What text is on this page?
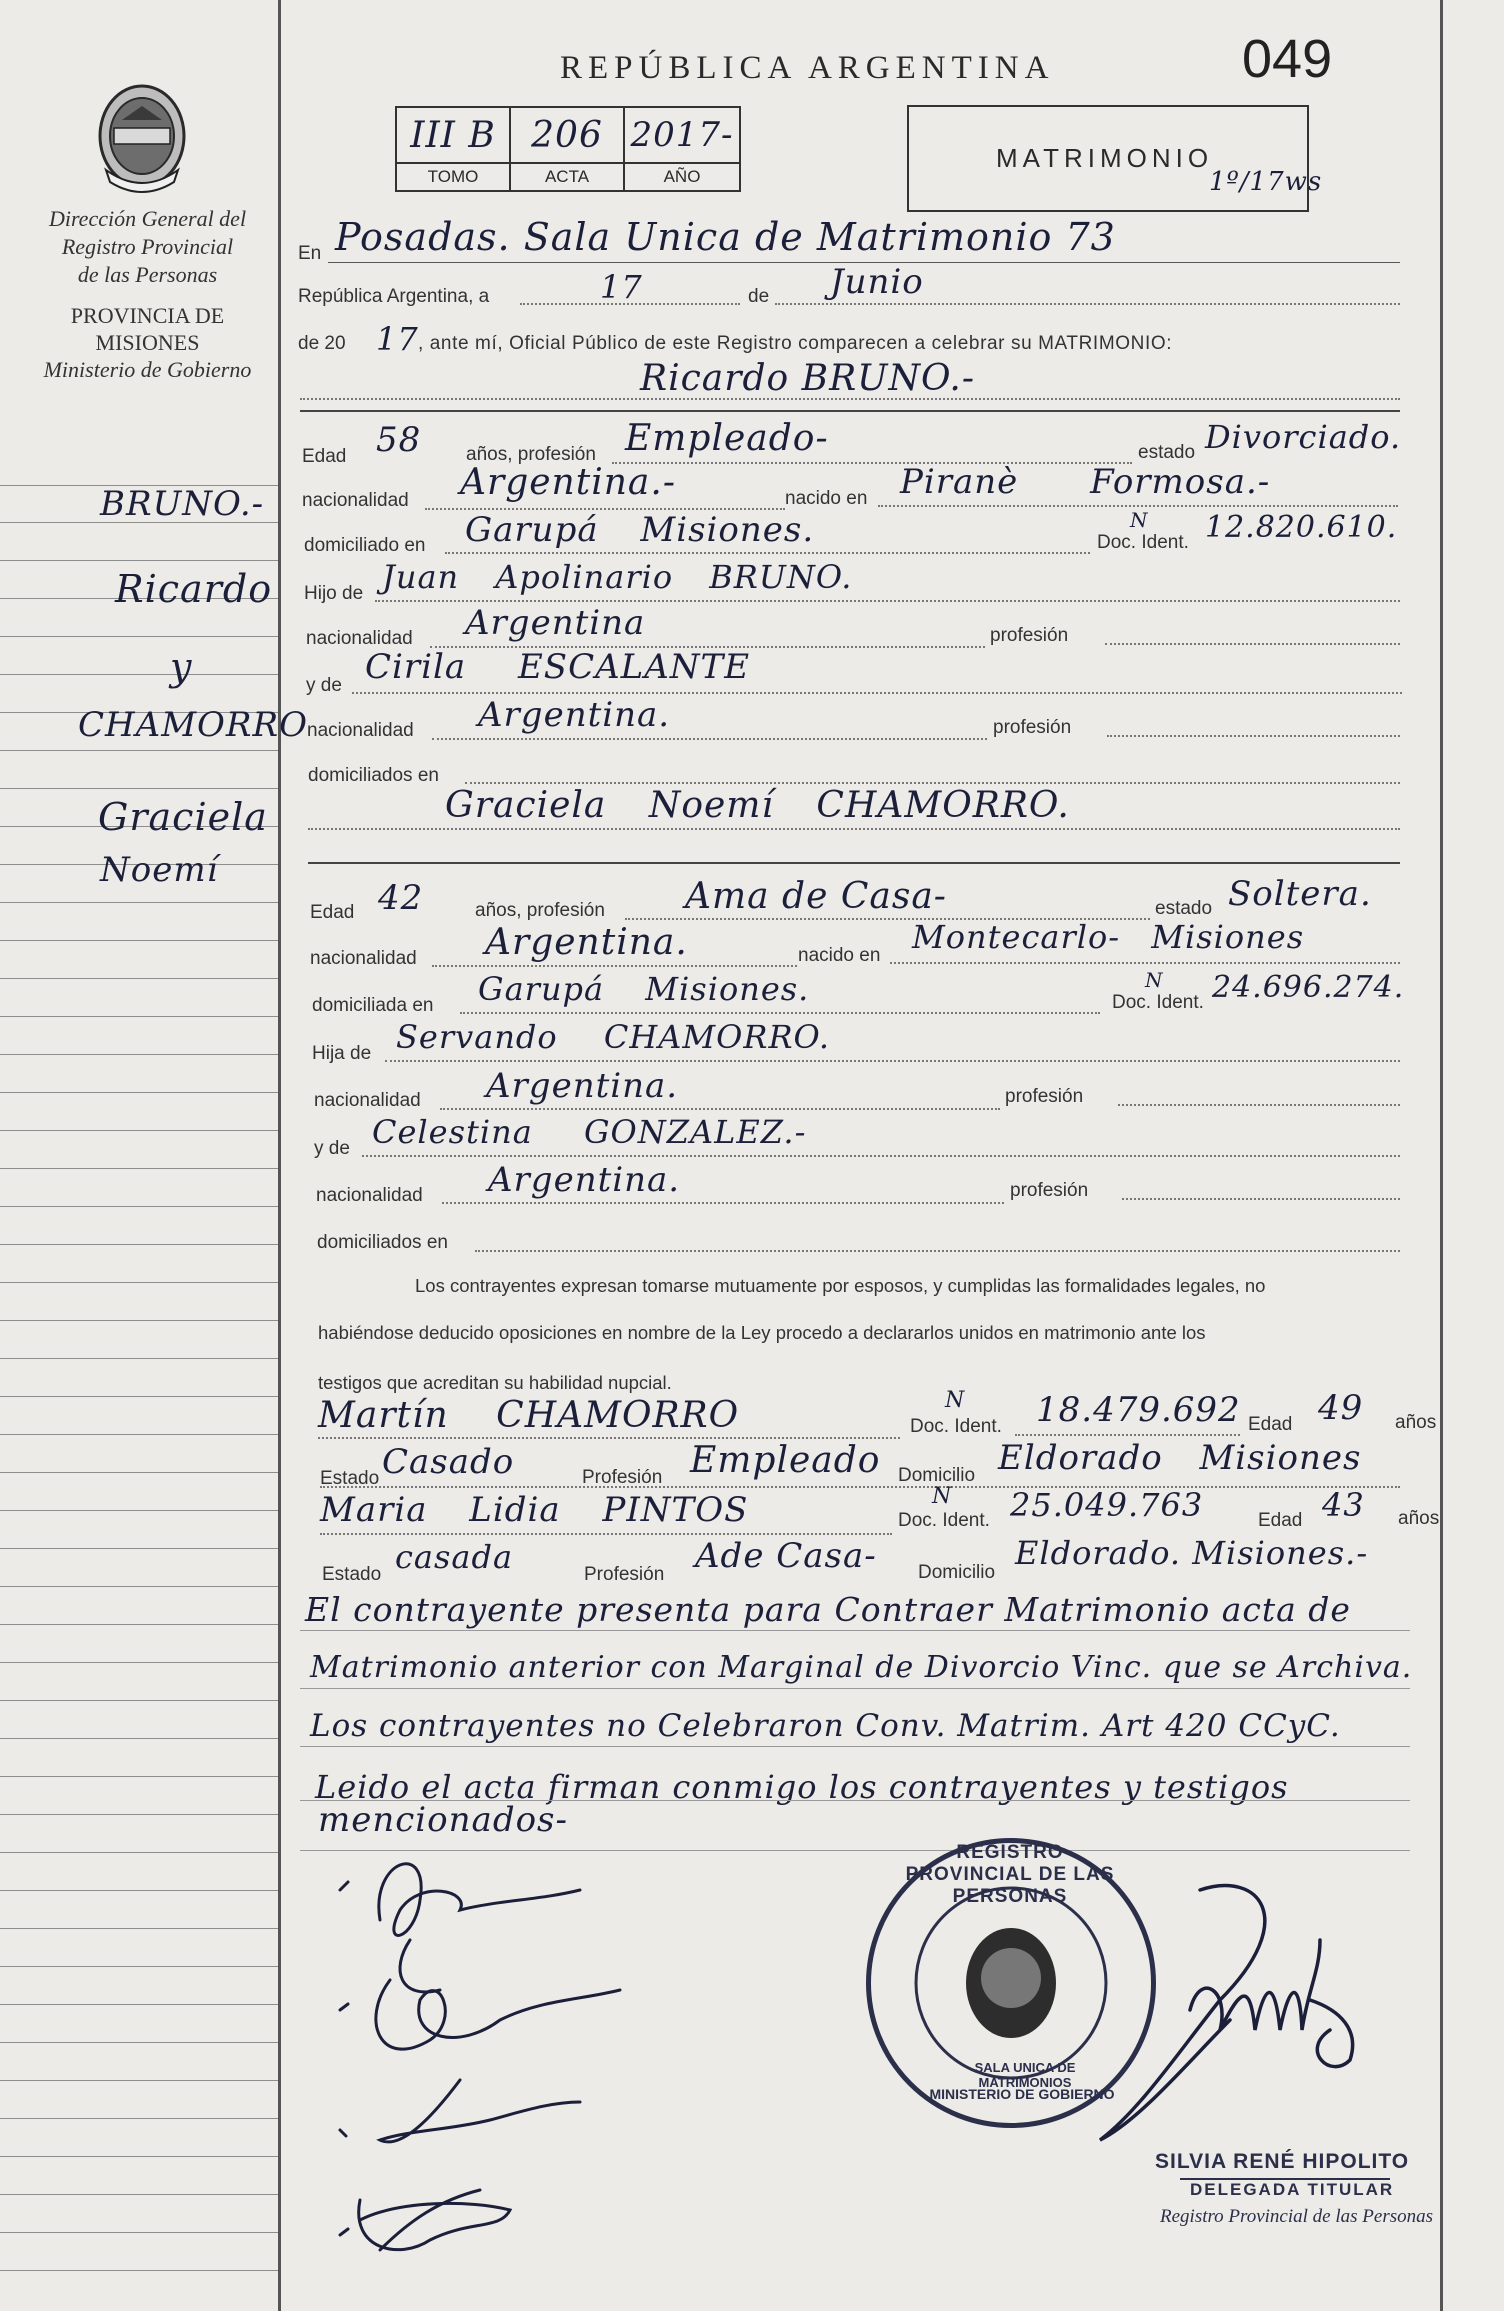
Dirección General del
Registro Provincial
de las Personas
PROVINCIA DE
MISIONES
Ministerio de Gobierno
BRUNO.-
Ricardo
y
CHAMORRO
Graciela
Noemí
REPÚBLICA ARGENTINA	049
III B	206	2017-
TOMO	ACTA	AÑO
MATRIMONIO
1º/17ws
En Posadas. Sala Unica de Matrimonio 73
República Argentina, a	17	de Junio
de 20 17 , ante mí, Oficial Público de este Registro comparecen a celebrar su MATRIMONIO:
Ricardo BRUNO.-
Edad 58 años, profesión Empleado-	estado Divorciado.
nacionalidad Argentina.-	nacido en Piranè Formosa.-
domiciliado en Garupá Misiones.	Doc. Ident.
N 12.820.610.
Hijo de Juan Apolinario BRUNO.
nacionalidad Argentina	profesión
y de Cirila ESCALANTE
nacionalidad Argentina.	profesión
domiciliados en
Graciela Noemí CHAMORRO.
Edad 42	años, profesión Ama de Casa-	estado Soltera.
nacionalidad Argentina.	nacido en Montecarlo- Misiones
domiciliada en Garupá Misiones.	Doc. Ident.
N 24.696.274.
Hija de Servando CHAMORRO.
nacionalidad Argentina.	profesión
y de Celestina GONZALEZ.-
nacionalidad Argentina.	profesión
domiciliados en
Los contrayentes expresan tomarse mutuamente por esposos, y cumplidas las formalidades legales, no
habiéndose deducido oposiciones en nombre de la Ley procedo a declararlos unidos en matrimonio ante los
testigos que acreditan su habilidad nupcial.
Martín CHAMORRO	Doc. Ident.
N 18.479.692 Edad 49 años
Estado Casado	Profesión Empleado Domicilio Eldorado Misiones
Maria Lidia PINTOS	Doc. Ident.
N 25.049.763	Edad 43 años
Estado casada	Profesión Ade Casa- Domicilio
Eldorado. Misiones.-
El contrayente presenta para Contraer Matrimonio acta de
Matrimonio anterior con Marginal de Divorcio Vinc. que se Archiva.
Los contrayentes no Celebraron Conv. Matrim. Art 420 CCyC.
Leido el acta firman conmigo los contrayentes y testigos
mencionados-
REGISTRO PROVINCIAL DE LAS PERSONAS
SALA UNICA DE MATRIMONIOS
MINISTERIO DE GOBIERNO
SILVIA RENÉ HIPOLITO
DELEGADA TITULAR
Registro Provincial de las Personas
